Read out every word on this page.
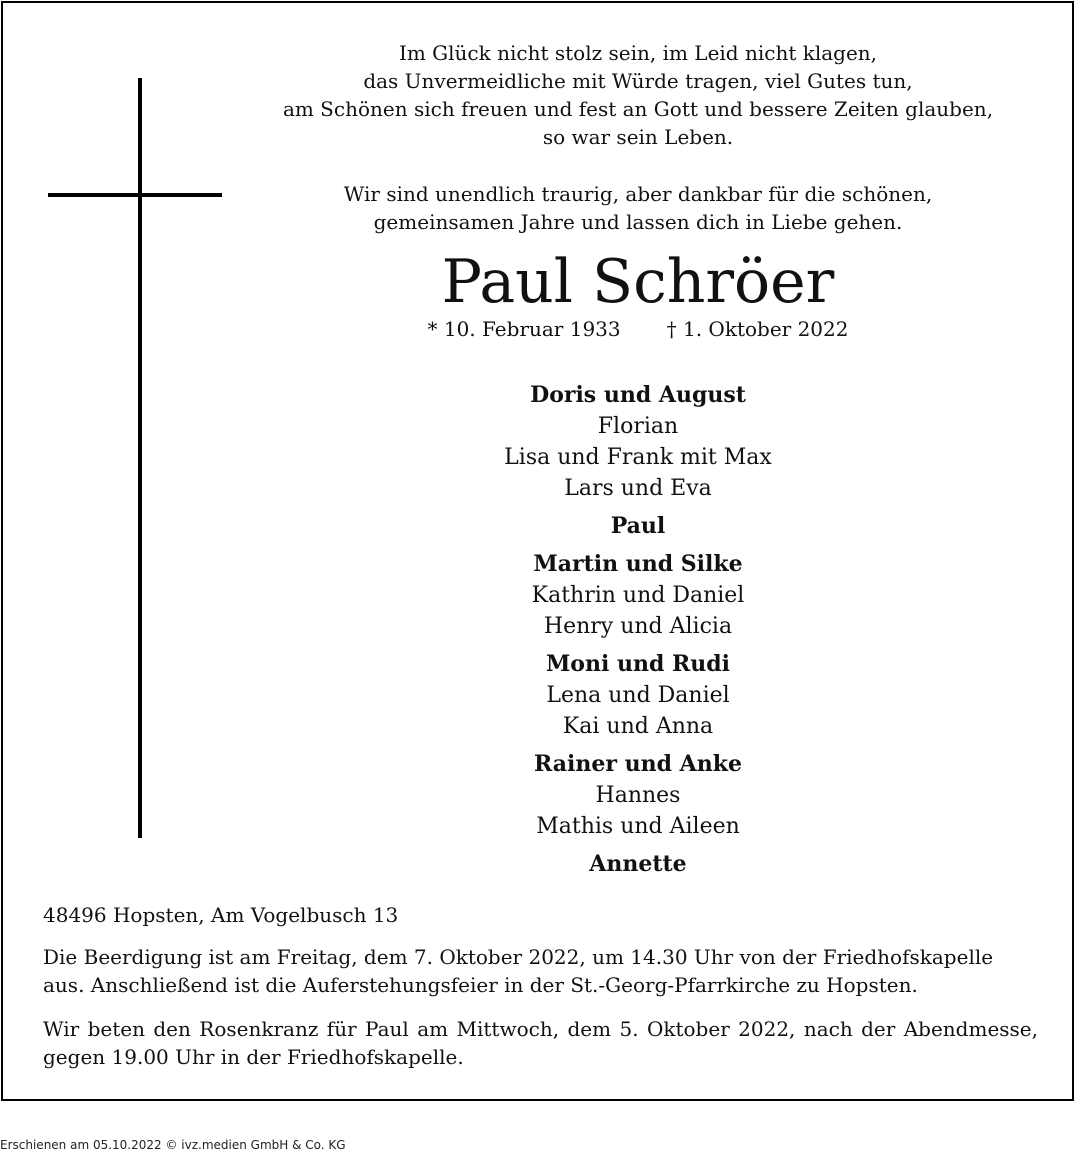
Im Glück nicht stolz sein, im Leid nicht klagen,
das Unvermeidliche mit Würde tragen, viel Gutes tun,
am Schönen sich freuen und fest an Gott und bessere Zeiten glauben,
so war sein Leben.
Wir sind unendlich traurig, aber dankbar für die schönen,
gemeinsamen Jahre und lassen dich in Liebe gehen.
Paul Schröer
* 10. Februar 1933 † 1. Oktober 2022
Doris und August
Florian
Lisa und Frank mit Max
Lars und Eva
Paul
Martin und Silke
Kathrin und Daniel
Henry und Alicia
Moni und Rudi
Lena und Daniel
Kai und Anna
Rainer und Anke
Hannes
Mathis und Aileen
Annette
48496 Hopsten, Am Vogelbusch 13
Die Beerdigung ist am Freitag, dem 7. Oktober 2022, um 14.30 Uhr von der Friedhofskapelle aus. Anschließend ist die Auferstehungsfeier in der St.-Georg-Pfarrkirche zu Hopsten.
Wir beten den Rosenkranz für Paul am Mittwoch, dem 5. Oktober 2022, nach der Abendmesse, gegen 19.00 Uhr in der Friedhofskapelle.
Erschienen am 05.10.2022 © ivz.medien GmbH & Co. KG
